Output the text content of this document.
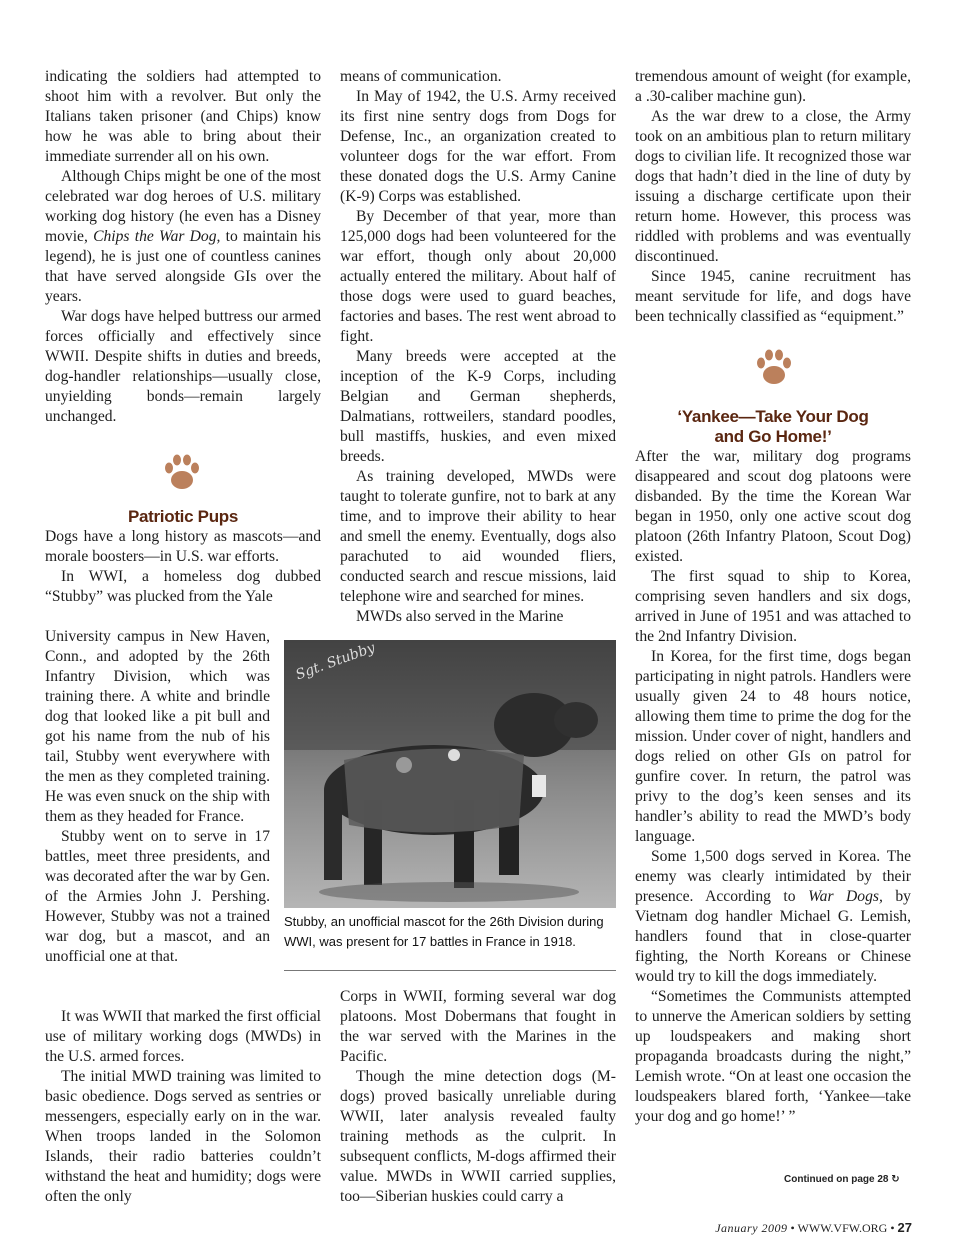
indicating the soldiers had attempted to shoot him with a revolver. But only the Italians taken prisoner (and Chips) know how he was able to bring about their immediate surrender all on his own.

Although Chips might be one of the most celebrated war dog heroes of U.S. military working dog history (he even has a Disney movie, Chips the War Dog, to maintain his legend), he is just one of countless canines that have served alongside GIs over the years.

War dogs have helped buttress our armed forces officially and effectively since WWII. Despite shifts in duties and breeds, dog-handler relationships—usually close, unyielding bonds—remain largely unchanged.

Patriotic Pups

Dogs have a long history as mascots—and morale boosters—in U.S. war efforts.

In WWI, a homeless dog dubbed “Stubby” was plucked from the Yale

University campus in New Haven, Conn., and adopted by the 26th Infantry Division, which was training there. A white and brindle dog that looked like a pit bull and got his name from the nub of his tail, Stubby went everywhere with the men as they completed training. He was even snuck on the ship with them as they headed for France.

Stubby went on to serve in 17 battles, meet three presidents, and was decorated after the war by Gen. of the Armies John J. Pershing. However, Stubby was not a trained war dog, but a mascot, and an unofficial one at that.

It was WWII that marked the first official use of military working dogs (MWDs) in the U.S. armed forces.

The initial MWD training was limited to basic obedience. Dogs served as sentries or messengers, especially early on in the war. When troops landed in the Solomon Islands, their radio batteries couldn’t withstand the heat and humidity; dogs were often the only

means of communication.

In May of 1942, the U.S. Army received its first nine sentry dogs from Dogs for Defense, Inc., an organization created to volunteer dogs for the war effort. From these donated dogs the U.S. Army Canine (K-9) Corps was established.

By December of that year, more than 125,000 dogs had been volunteered for the war effort, though only about 20,000 actually entered the military. About half of those dogs were used to guard beaches, factories and bases. The rest went abroad to fight.

Many breeds were accepted at the inception of the K-9 Corps, including Belgian and German shepherds, Dalmatians, rottweilers, standard poodles, bull mastiffs, huskies, and even mixed breeds.

As training developed, MWDs were taught to tolerate gunfire, not to bark at any time, and to improve their ability to hear and smell the enemy. Eventually, dogs also parachuted to aid wounded fliers, conducted search and rescue missions, laid telephone wire and searched for mines.

MWDs also served in the Marine

Sgt. Stubby
Stubby, an unofficial mascot for the 26th Division during WWI, was present for 17 battles in France in 1918.

Corps in WWII, forming several war dog platoons. Most Dobermans that fought in the war served with the Marines in the Pacific.

Though the mine detection dogs (M-dogs) proved basically unreliable during WWII, later analysis revealed faulty training methods as the culprit. In subsequent conflicts, M-dogs affirmed their value. MWDs in WWII carried supplies, too—Siberian huskies could carry a

tremendous amount of weight (for example, a .30-caliber machine gun).

As the war drew to a close, the Army took on an ambitious plan to return military dogs to civilian life. It recognized those war dogs that hadn’t died in the line of duty by issuing a discharge certificate upon their return home. However, this process was riddled with problems and was eventually discontinued.

Since 1945, canine recruitment has meant servitude for life, and dogs have been technically classified as “equipment.”

‘Yankee—Take Your Dog
and Go Home!’

After the war, military dog programs disappeared and scout dog platoons were disbanded. By the time the Korean War began in 1950, only one active scout dog platoon (26th Infantry Platoon, Scout Dog) existed.

The first squad to ship to Korea, comprising seven handlers and six dogs, arrived in June of 1951 and was attached to the 2nd Infantry Division.

In Korea, for the first time, dogs began participating in night patrols. Handlers were usually given 24 to 48 hours notice, allowing them time to prime the dog for the mission. Under cover of night, handlers and dogs relied on other GIs on patrol for gunfire cover. In return, the patrol was privy to the dog’s keen senses and its handler’s ability to read the MWD’s body language.

Some 1,500 dogs served in Korea. The enemy was clearly intimidated by their presence. According to War Dogs, by Vietnam dog handler Michael G. Lemish, handlers found that in close-quarter fighting, the North Koreans or Chinese would try to kill the dogs immediately.

“Sometimes the Communists attempted to unnerve the American soldiers by setting up loudspeakers and making short propaganda broadcasts during the night,” Lemish wrote. “On at least one occasion the loudspeakers blared forth, ‘Yankee—take your dog and go home!’ ”

Continued on page 28 ↻
January 2009 • WWW.VFW.ORG • 27
